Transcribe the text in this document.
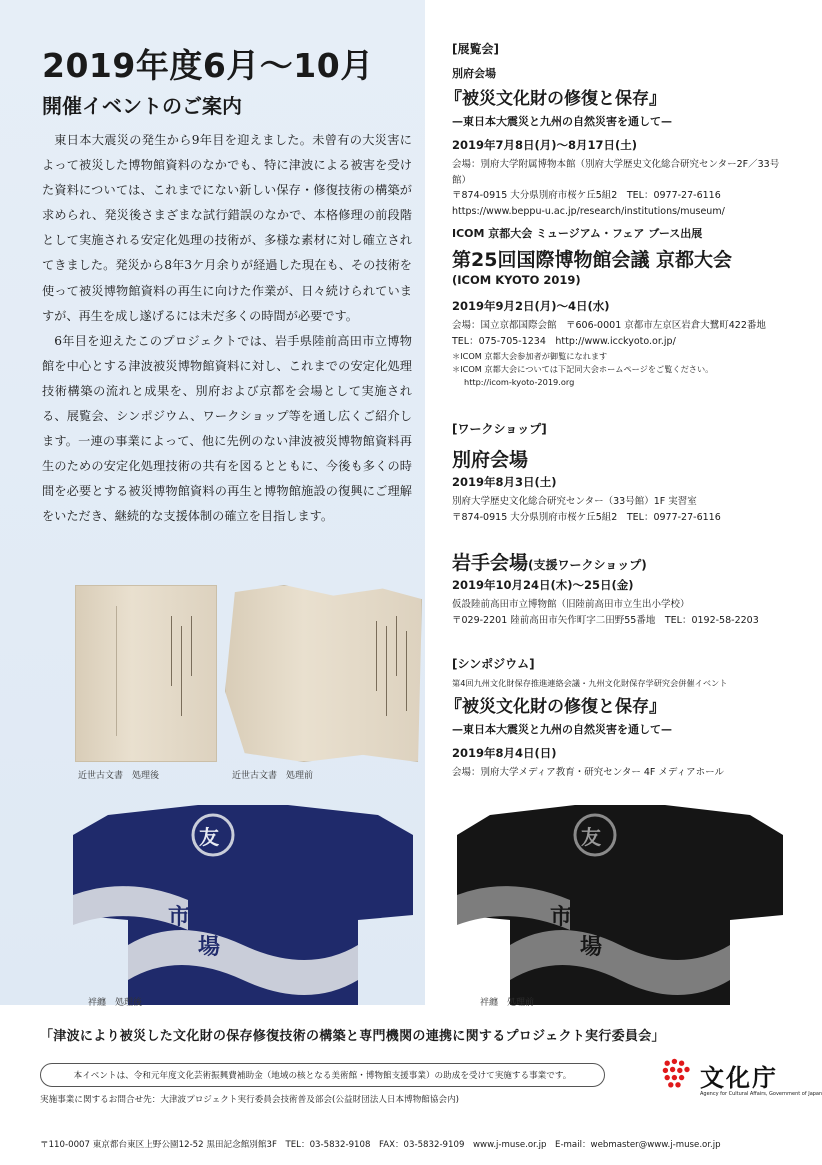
2019年度6月〜10月
開催イベントのご案内

東日本大震災の発生から9年目を迎えました。未曾有の大災害によって被災した博物館資料のなかでも、特に津波による被害を受けた資料については、これまでにない新しい保存・修復技術の構築が求められ、発災後さまざまな試行錯誤のなかで、本格修理の前段階として実施される安定化処理の技術が、多様な素材に対し確立されてきました。発災から8年3ケ月余りが経過した現在も、その技術を使って被災博物館資料の再生に向けた作業が、日々続けられていますが、再生を成し遂げるには未だ多くの時間が必要です。

6年目を迎えたこのプロジェクトでは、岩手県陸前高田市立博物館を中心とする津波被災博物館資料に対し、これまでの安定化処理技術構築の流れと成果を、別府および京都を会場として実施される、展覧会、シンポジウム、ワークショップ等を通し広くご紹介します。一連の事業によって、他に先例のない津波被災博物館資料再生のための安定化処理技術の共有を図るとともに、今後も多くの時間を必要とする被災博物館資料の再生と博物館施設の復興にご理解をいただき、継続的な支援体制の確立を目指します。

近世古文書　処理後	近世古文書　処理前
友
市
場
袢纏　処理後
友
市
場
袢纏　処理前
[展覧会]
別府会場
『被災文化財の修復と保存』
—東日本大震災と九州の自然災害を通して—
2019年7月8日(月)〜8月17日(土)
会場：別府大学附属博物本館（別府大学歴史文化総合研究センター2F／33号館）
〒874-0915 大分県別府市桜ケ丘5組2　TEL：0977-27-6116
https://www.beppu-u.ac.jp/research/institutions/museum/
ICOM 京都大会 ミュージアム・フェア ブース出展
第25回国際博物館会議 京都大会
(ICOM KYOTO 2019)
2019年9月2日(月)〜4日(水)
会場：国立京都国際会館　〒606-0001 京都市左京区岩倉大鷺町422番地
TEL：075-705-1234　http://www.icckyoto.or.jp/
＊ICOM 京都大会参加者が御覧になれます
＊ICOM 京都大会については下記同大会ホームページをご覧ください。
http://icom-kyoto-2019.org
[ワークショップ]
別府会場
2019年8月3日(土)
別府大学歴史文化総合研究センター（33号館）1F 実習室
〒874-0915 大分県別府市桜ケ丘5組2　TEL：0977-27-6116
岩手会場(支援ワークショップ)
2019年10月24日(木)〜25日(金)
仮設陸前高田市立博物館（旧陸前高田市立生出小学校）
〒029-2201 陸前高田市矢作町字二田野55番地　TEL：0192-58-2203
[シンポジウム]
第4回九州文化財保存推進連絡会議・九州文化財保存学研究会併催イベント
『被災文化財の修復と保存』
—東日本大震災と九州の自然災害を通して—
2019年8月4日(日)
会場：別府大学メディア教育・研究センター 4F メディアホール
「津波により被災した文化財の保存修復技術の構築と専門機関の連携に関するプロジェクト実行委員会」
本イベントは、令和元年度文化芸術振興費補助金（地域の核となる美術館・博物館支援事業）の助成を受けて実施する事業です。
実施事業に関するお問合せ先：大津波プロジェクト実行委員会技術普及部会(公益財団法人日本博物館協会内)
〒110-0007 東京都台東区上野公園12-52 黒田記念館別館3F　TEL：03-5832-9108　FAX：03-5832-9109　www.j-muse.or.jp　E-mail：webmaster@www.j-muse.or.jp
文化庁
Agency for Cultural Affairs, Government of Japan
